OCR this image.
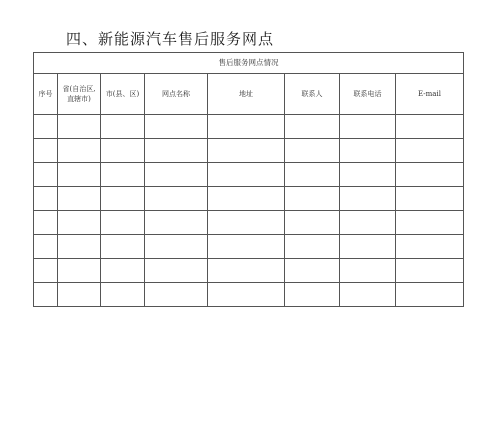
四、新能源汽车售后服务网点
售后服务网点情况							
序号	省(自治区,直辖市)	市(县、区)	网点名称	地址	联系人	联系电话	E-mail
